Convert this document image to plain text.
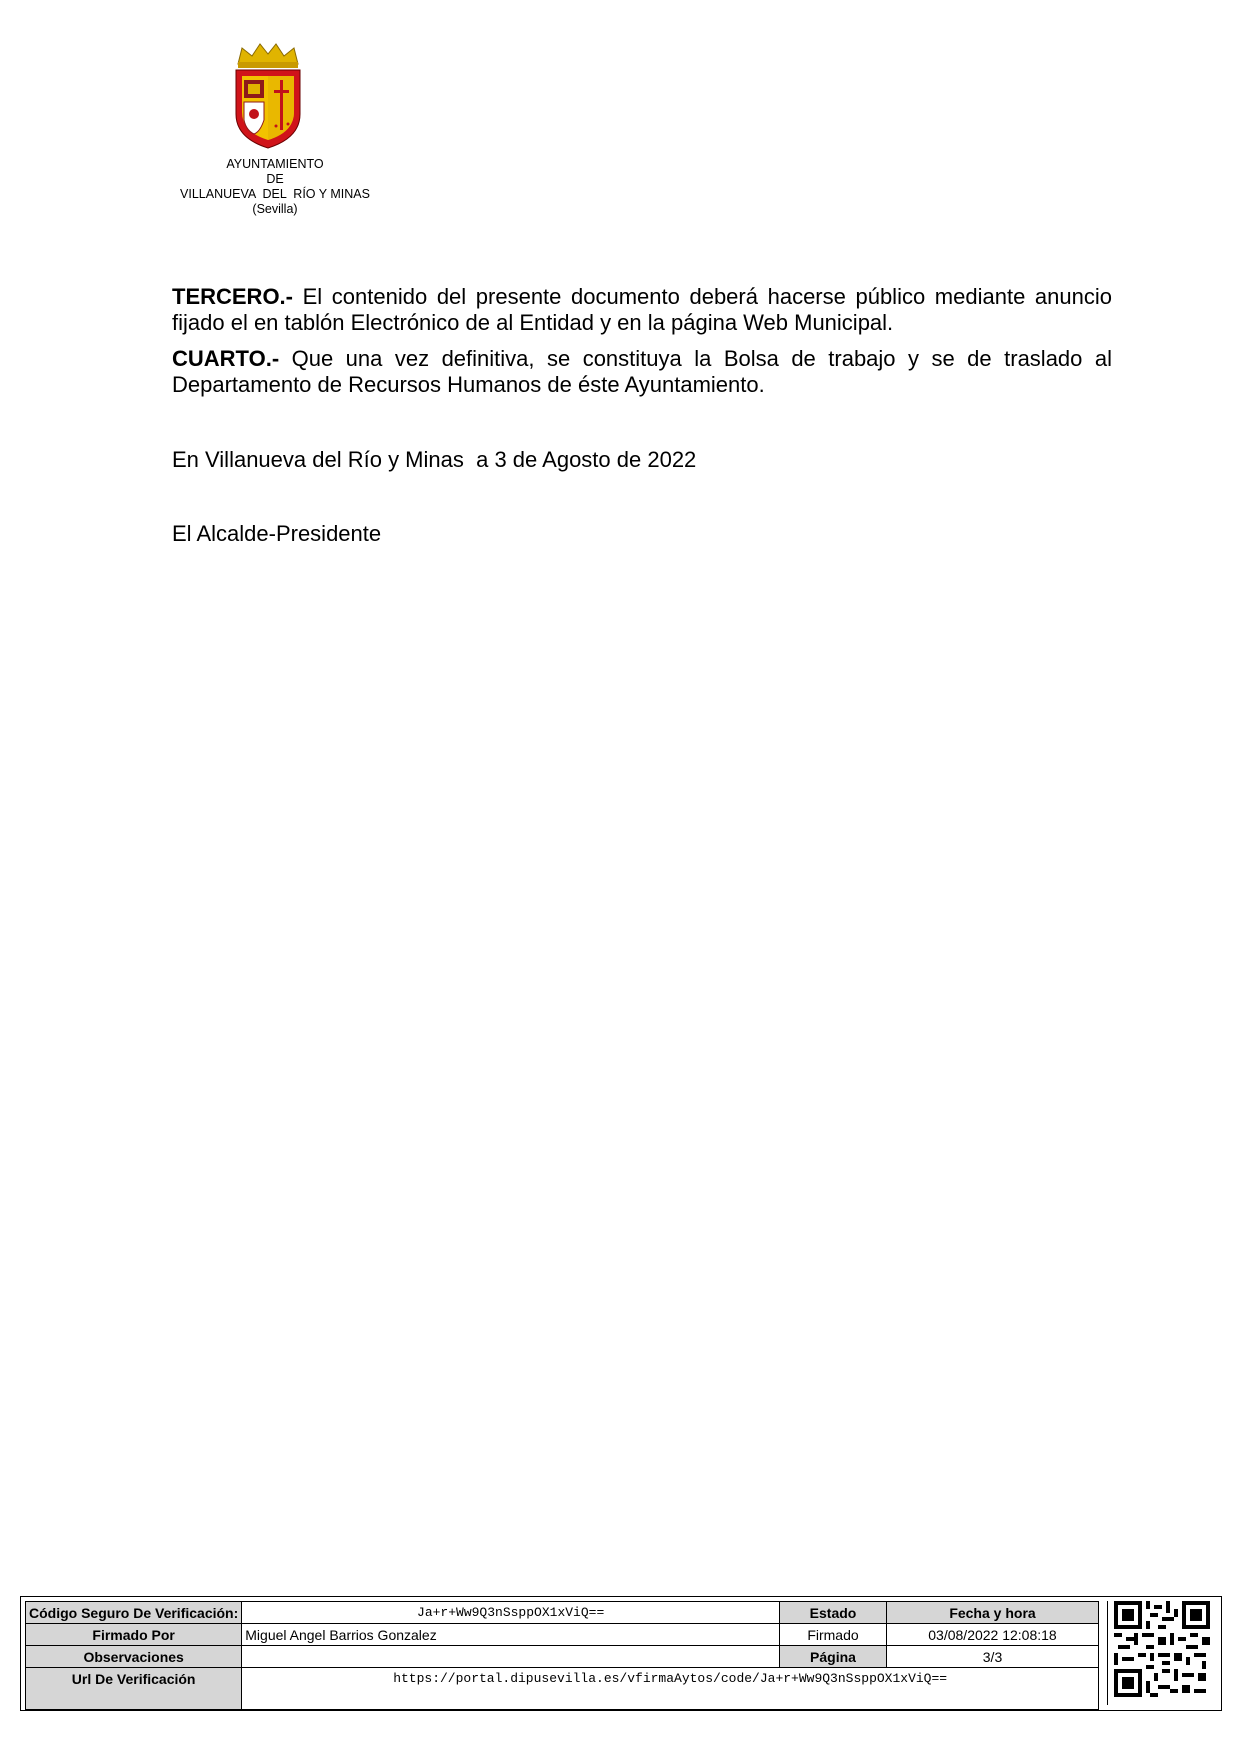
AYUNTAMIENTO
DE
VILLANUEVA  DEL  RÍO Y MINAS
(Sevilla)

TERCERO.- El contenido del presente documento deberá hacerse público mediante anuncio fijado el en tablón Electrónico de al Entidad y en la página Web Municipal.

CUARTO.- Que una vez definitiva, se constituya la Bolsa de trabajo y se de traslado al Departamento de Recursos Humanos de éste Ayuntamiento.

En Villanueva del Río y Minas  a 3 de Agosto de 2022
El Alcalde-Presidente
Código Seguro De Verificación:	Ja+r+Ww9Q3nSsppOX1xViQ==	Estado	Fecha y hora
Firmado Por	Miguel Angel Barrios Gonzalez	Firmado	03/08/2022 12:08:18
Observaciones		Página	3/3
Url De Verificación	https://portal.dipusevilla.es/vfirmaAytos/code/Ja+r+Ww9Q3nSsppOX1xViQ==		
